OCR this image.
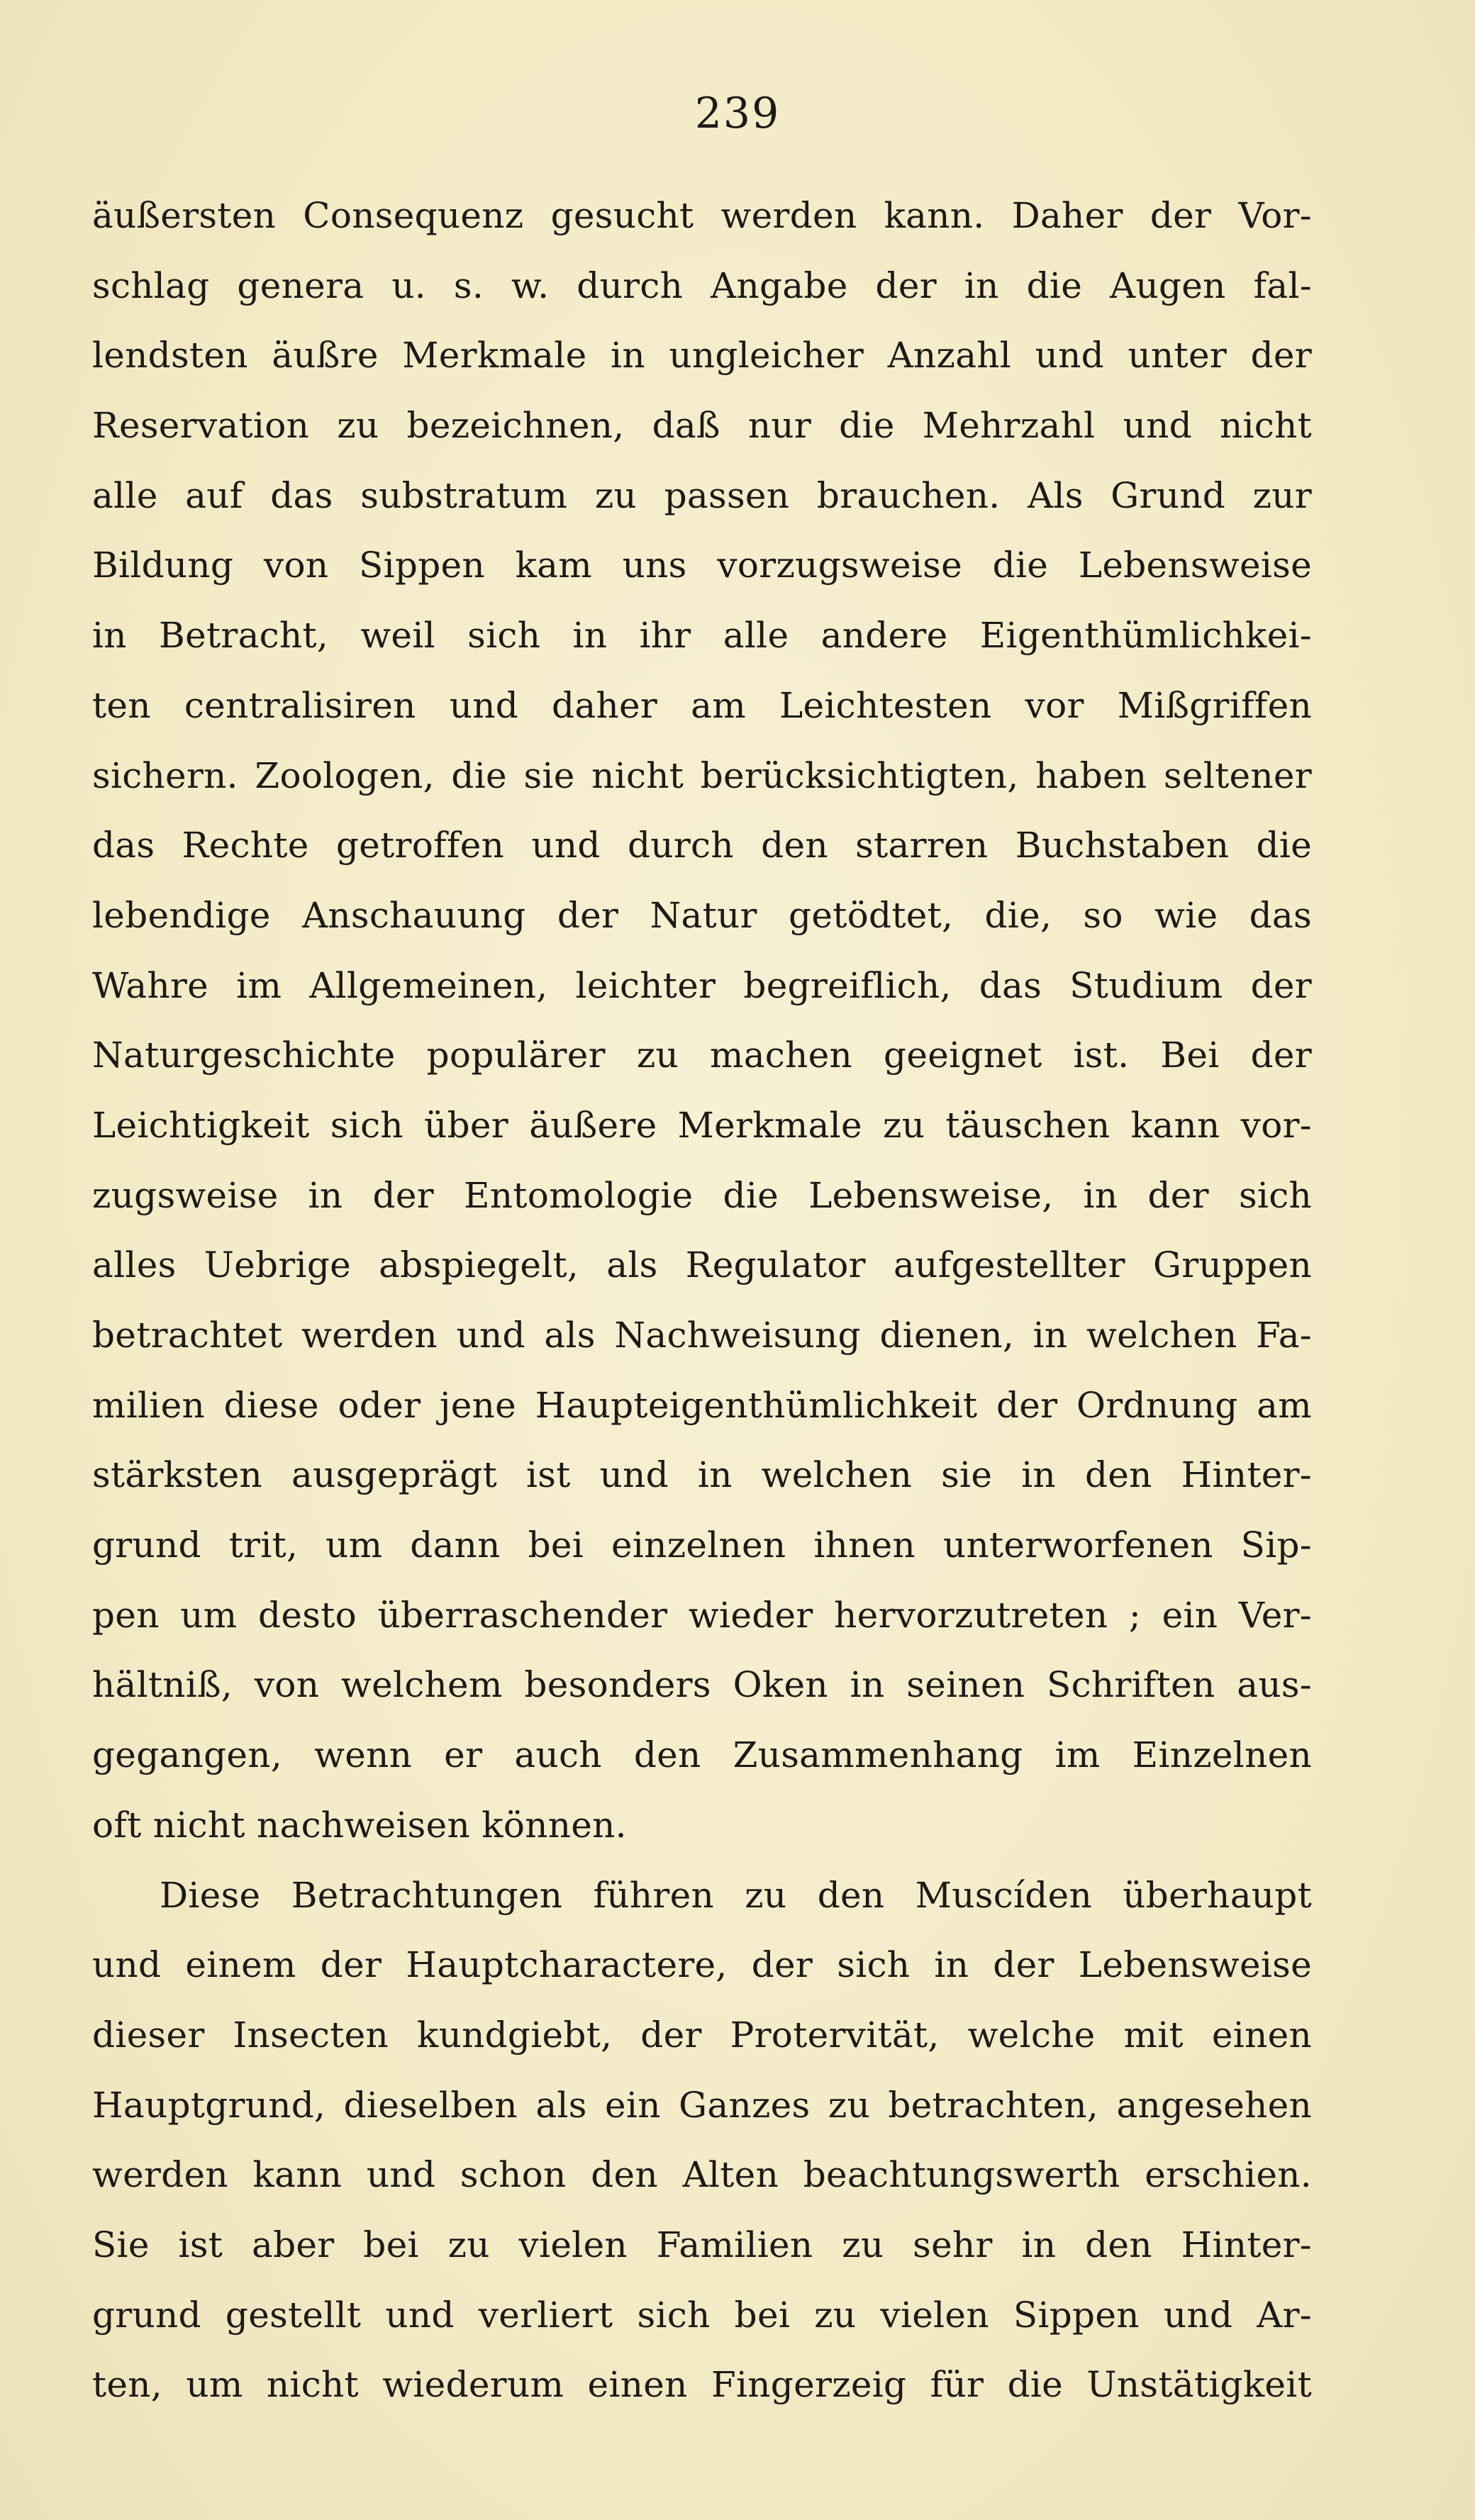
239
äußersten Consequenz gesucht werden kann. Daher der Vor-
schlag genera u. s. w. durch Angabe der in die Augen fal-
lendsten äußre Merkmale in ungleicher Anzahl und unter der
Reservation zu bezeichnen, daß nur die Mehrzahl und nicht
alle auf das substratum zu passen brauchen. Als Grund zur
Bildung von Sippen kam uns vorzugsweise die Lebensweise
in Betracht, weil sich in ihr alle andere Eigenthümlichkei-
ten centralisiren und daher am Leichtesten vor Mißgriffen
sichern. Zoologen, die sie nicht berücksichtigten, haben seltener
das Rechte getroffen und durch den starren Buchstaben die
lebendige Anschauung der Natur getödtet, die, so wie das
Wahre im Allgemeinen, leichter begreiflich, das Studium der
Naturgeschichte populärer zu machen geeignet ist. Bei der
Leichtigkeit sich über äußere Merkmale zu täuschen kann vor-
zugsweise in der Entomologie die Lebensweise, in der sich
alles Uebrige abspiegelt, als Regulator aufgestellter Gruppen
betrachtet werden und als Nachweisung dienen, in welchen Fa-
milien diese oder jene Haupteigenthümlichkeit der Ordnung am
stärksten ausgeprägt ist und in welchen sie in den Hinter-
grund trit, um dann bei einzelnen ihnen unterworfenen Sip-
pen um desto überraschender wieder hervorzutreten ; ein Ver-
hältniß, von welchem besonders Oken in seinen Schriften aus-
gegangen, wenn er auch den Zusammenhang im Einzelnen
oft nicht nachweisen können.
Diese Betrachtungen führen zu den Muscíden überhaupt
und einem der Hauptcharactere, der sich in der Lebensweise
dieser Insecten kundgiebt, der Protervität, welche mit einen
Hauptgrund, dieselben als ein Ganzes zu betrachten, angesehen
werden kann und schon den Alten beachtungswerth erschien.
Sie ist aber bei zu vielen Familien zu sehr in den Hinter-
grund gestellt und verliert sich bei zu vielen Sippen und Ar-
ten, um nicht wiederum einen Fingerzeig für die Unstätigkeit
